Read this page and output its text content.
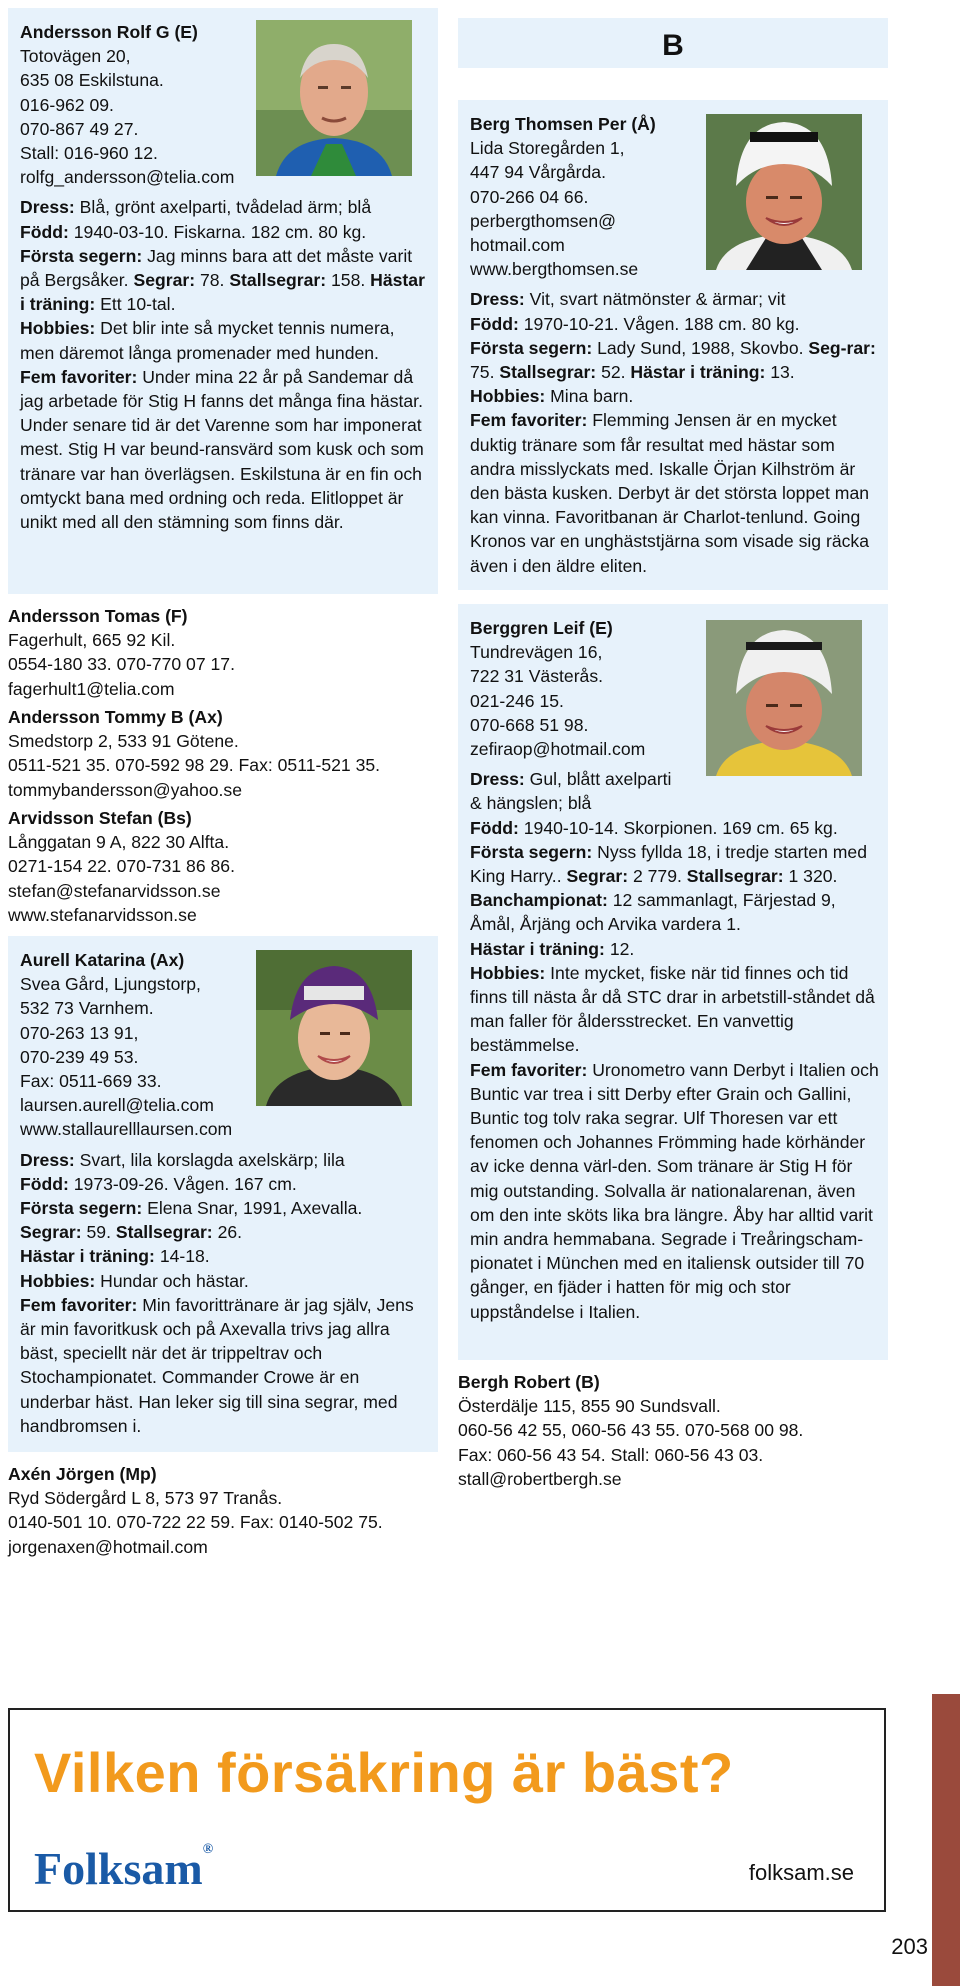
Andersson Rolf G (E)
Totovägen 20,
635 08 Eskilstuna.
016-962 09.
070-867 49 27.
Stall: 016-960 12.
rolfg_andersson@telia.com

Dress: Blå, grönt axelparti, tvådelad ärm; blå

Född: 1940-03-10. Fiskarna. 182 cm. 80 kg.

Första segern: Jag minns bara att det måste varit på Bergsåker. Segrar: 78. Stallsegrar: 158. Hästar i träning: Ett 10-tal.

Hobbies: Det blir inte så mycket tennis numera, men däremot långa promenader med hunden.

Fem favoriter: Under mina 22 år på Sandemar då jag arbetade för Stig H fanns det många fina hästar. Under senare tid är det Varenne som har imponerat mest. Stig H var beund-ransvärd som kusk och som tränare var han överlägsen. Eskilstuna är en fin och omtyckt bana med ordning och reda. Elitloppet är unikt med all den stämning som finns där.

Andersson Tomas (F)
Fagerhult, 665 92 Kil.
0554-180 33. 070-770 07 17.
fagerhult1@telia.com
Andersson Tommy B (Ax)
Smedstorp 2, 533 91 Götene.
0511-521 35. 070-592 98 29. Fax: 0511-521 35.
tommybandersson@yahoo.se
Arvidsson Stefan (Bs)
Långgatan 9 A, 822 30 Alfta.
0271-154 22. 070-731 86 86.
stefan@stefanarvidsson.se
www.stefanarvidsson.se
Aurell Katarina (Ax)
Svea Gård, Ljungstorp,
532 73 Varnhem.
070-263 13 91,
070-239 49 53.
Fax: 0511-669 33.
laursen.aurell@telia.com
www.stallaurelllaursen.com

Dress: Svart, lila korslagda axelskärp; lila

Född: 1973-09-26. Vågen. 167 cm.

Första segern: Elena Snar, 1991, Axevalla.

Segrar: 59. Stallsegrar: 26.

Hästar i träning: 14-18.

Hobbies: Hundar och hästar.

Fem favoriter: Min favorittränare är jag själv, Jens är min favoritkusk och på Axevalla trivs jag allra bäst, speciellt när det är trippeltrav och Stochampionatet. Commander Crowe är en underbar häst. Han leker sig till sina segrar, med handbromsen i.

Axén Jörgen (Mp)
Ryd Södergård L 8, 573 97 Tranås.
0140-501 10. 070-722 22 59. Fax: 0140-502 75.
jorgenaxen@hotmail.com
B
Berg Thomsen Per (Å)
Lida Storegården 1,
447 94 Vårgårda.
070-266 04 66.
perbergthomsen@
hotmail.com
www.bergthomsen.se

Dress: Vit, svart nätmönster & ärmar; vit

Född: 1970-10-21. Vågen. 188 cm. 80 kg.

Första segern: Lady Sund, 1988, Skovbo. Seg-rar: 75. Stallsegrar: 52. Hästar i träning: 13.

Hobbies: Mina barn.

Fem favoriter: Flemming Jensen är en mycket duktig tränare som får resultat med hästar som andra misslyckats med. Iskalle Örjan Kilhström är den bästa kusken. Derbyt är det största loppet man kan vinna. Favoritbanan är Charlot-tenlund. Going Kronos var en unghäststjärna som visade sig räcka även i den äldre eliten.

Berggren Leif (E)
Tundrevägen 16,
722 31 Västerås.
021-246 15.
070-668 51 98.
zefiraop@hotmail.com
Dress: Gul, blått axelparti
& hängslen; blå

Född: 1940-10-14. Skorpionen. 169 cm. 65 kg.

Första segern: Nyss fyllda 18, i tredje starten med King Harry.. Segrar: 2 779. Stallsegrar: 1 320. Banchampionat: 12 sammanlagt, Färjestad 9, Åmål, Årjäng och Arvika vardera 1.

Hästar i träning: 12.

Hobbies: Inte mycket, fiske när tid finnes och tid finns till nästa år då STC drar in arbetstill-ståndet då man faller för åldersstrecket. En vanvettig bestämmelse.

Fem favoriter: Uronometro vann Derbyt i Italien och Buntic var trea i sitt Derby efter Grain och Gallini, Buntic tog tolv raka segrar. Ulf Thoresen var ett fenomen och Johannes Frömming hade körhänder av icke denna värl-den. Som tränare är Stig H för mig outstanding. Solvalla är nationalarenan, även om den inte sköts lika bra längre. Åby har alltid varit min andra hemmabana. Segrade i Treåringscham-pionatet i München med en italiensk outsider till 70 gånger, en fjäder i hatten för mig och stor uppståndelse i Italien.

Bergh Robert (B)
Österdälje 115, 855 90 Sundsvall.
060-56 42 55, 060-56 43 55. 070-568 00 98.
Fax: 060-56 43 54. Stall: 060-56 43 03.
stall@robertbergh.se
Vilken försäkring är bäst?
Folksam®
folksam.se
203
